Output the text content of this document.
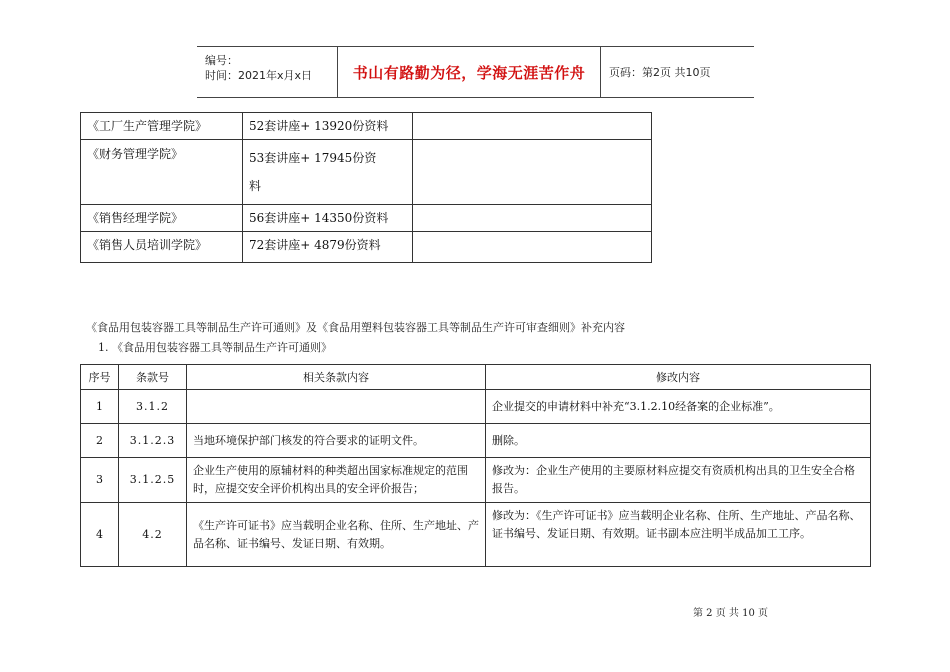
编号：
时间：2021年x月x日	书山有路勤为径，学海无涯苦作舟 页码：第2页 共10页
《工厂生产管理学院》	52套讲座+ 13920份资料	
《财务管理学院》	53套讲座+ 17945份资料	
《销售经理学院》	56套讲座+ 14350份资料	
《销售人员培训学院》	72套讲座+ 4879份资料	
《食品用包装容器工具等制品生产许可通则》及《食品用塑料包装容器工具等制品生产许可审查细则》补充内容
1. 《食品用包装容器工具等制品生产许可通则》
序号	条款号	相关条款内容	修改内容
1	3.1.2		企业提交的申请材料中补充“3.1.2.10经备案的企业标准”。
2	3.1.2.3	当地环境保护部门核发的符合要求的证明文件。	删除。
3	3.1.2.5	企业生产使用的原辅材料的种类超出国家标准规定的范围时，应提交安全评价机构出具的安全评价报告；	修改为：企业生产使用的主要原材料应提交有资质机构出具的卫生安全合格报告。
4	4.2	《生产许可证书》应当载明企业名称、住所、生产地址、产品名称、证书编号、发证日期、有效期。	修改为：《生产许可证书》应当载明企业名称、住所、生产地址、产品名称、证书编号、发证日期、有效期。证书副本应注明半成品加工工序。
第 2 页 共 10 页
